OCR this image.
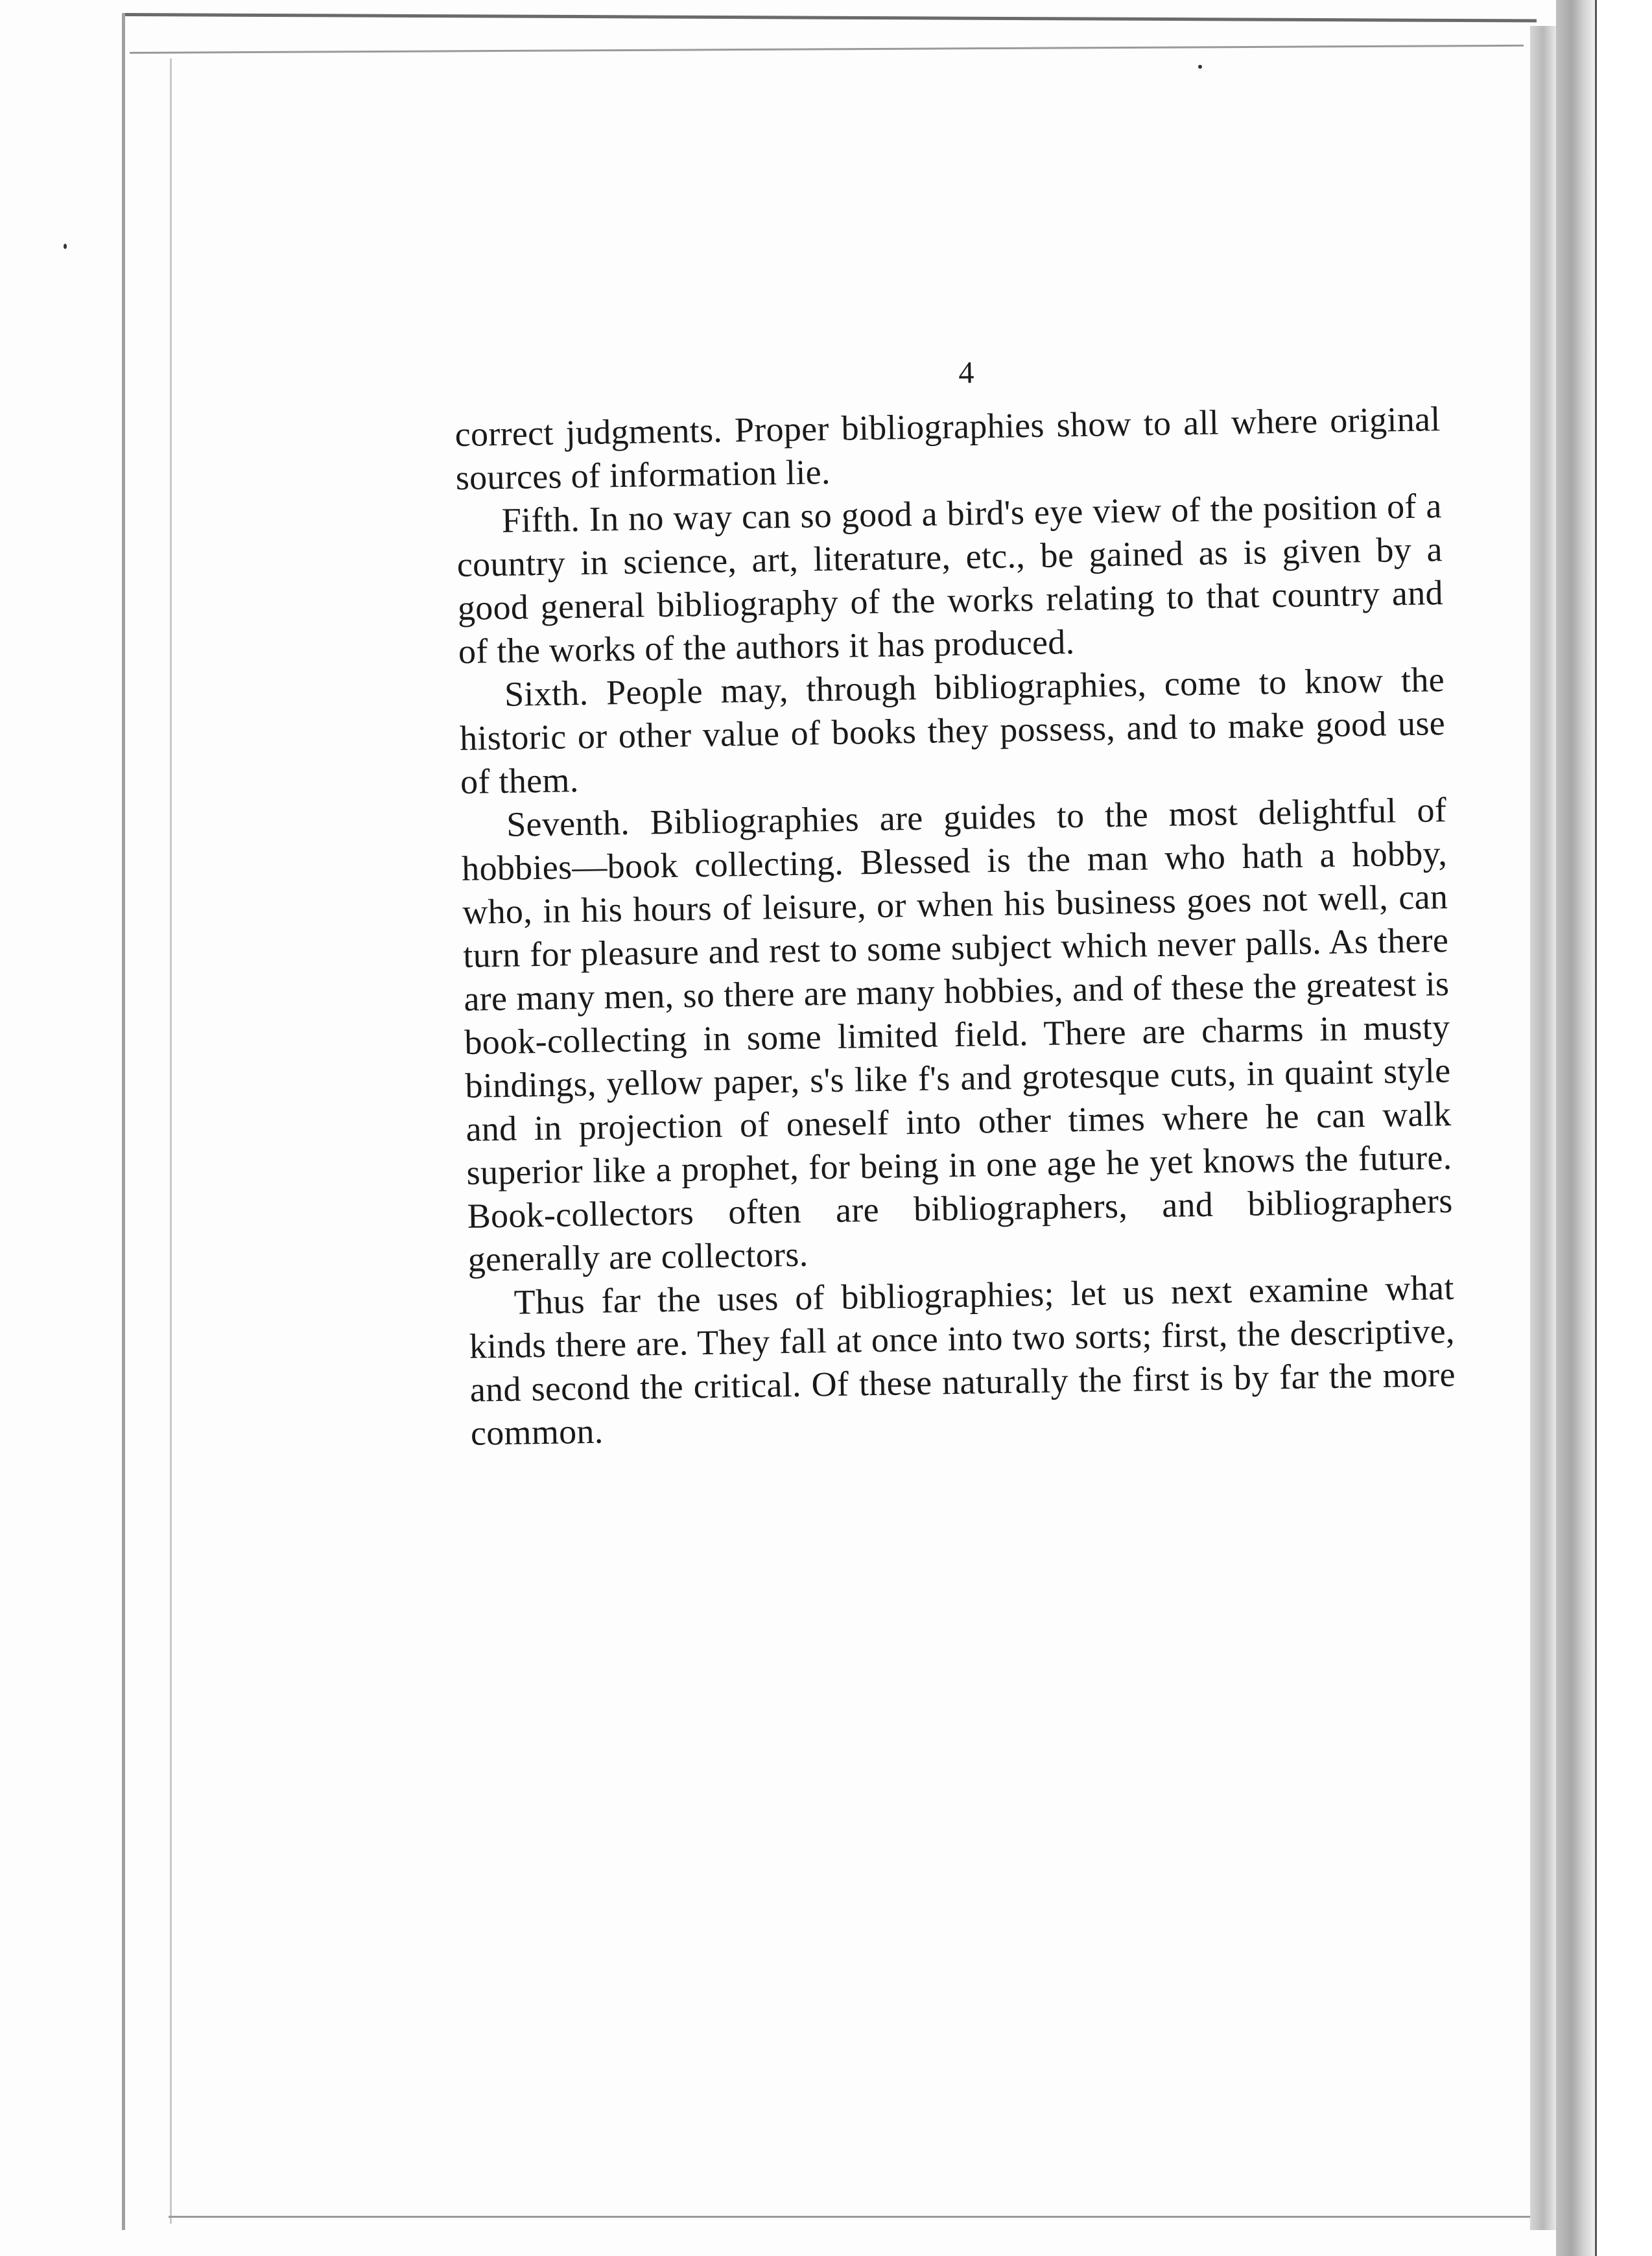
4

correct judgments. Proper bibliographies show to all where original sources of information lie.

Fifth. In no way can so good a bird's eye view of the position of a country in science, art, literature, etc., be gained as is given by a good general bibliography of the works relating to that country and of the works of the authors it has produced.

Sixth. People may, through bibliographies, come to know the historic or other value of books they possess, and to make good use of them.

Seventh. Bibliographies are guides to the most delightful of hobbies—book collecting. Blessed is the man who hath a hobby, who, in his hours of leisure, or when his business goes not well, can turn for pleasure and rest to some subject which never palls. As there are many men, so there are many hobbies, and of these the greatest is book-collecting in some limited field. There are charms in musty bindings, yellow paper, s's like f's and grotesque cuts, in quaint style and in projection of oneself into other times where he can walk superior like a prophet, for being in one age he yet knows the future. Book-collectors often are bibliographers, and bibliographers generally are collectors.

Thus far the uses of bibliographies; let us next examine what kinds there are. They fall at once into two sorts; first, the descriptive, and second the critical. Of these naturally the first is by far the more common.
